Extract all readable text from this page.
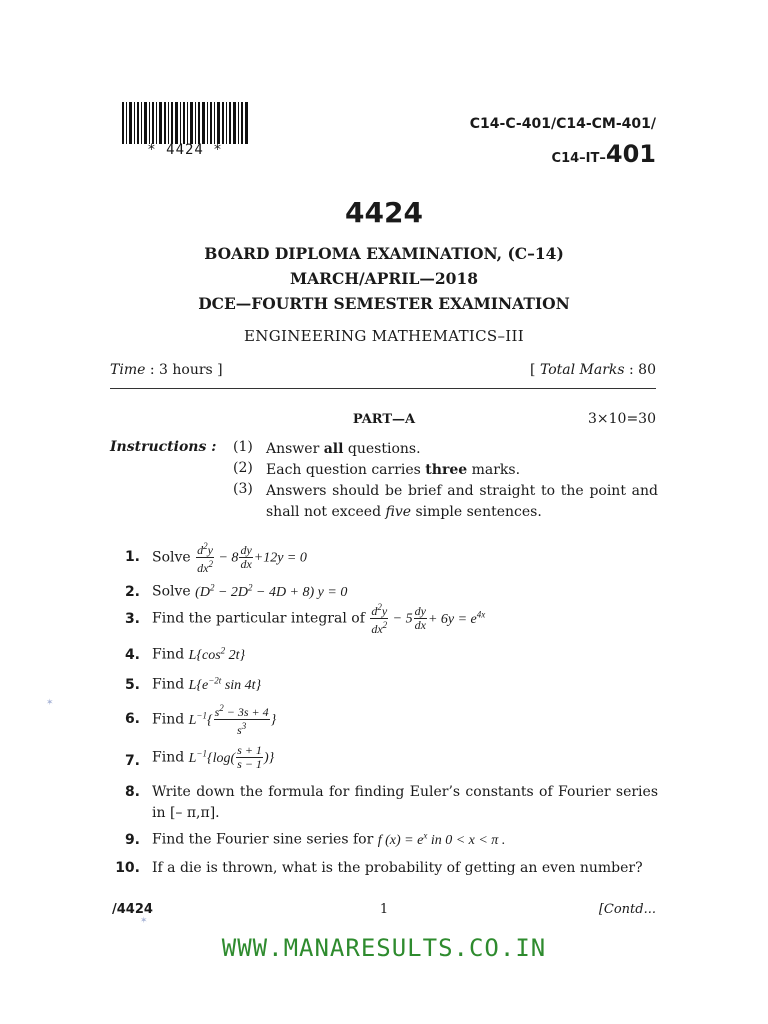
* 4424 *
C14-C-401/C14-CM-401/
C14–IT–401
4424
BOARD DIPLOMA EXAMINATION, (C–14)
MARCH/APRIL—2018
DCE—FOURTH SEMESTER EXAMINATION
ENGINEERING MATHEMATICS–III
Time : 3 hours ]	[ Total Marks : 80
PART—A	3×10=30
Instructions : (1) Answer all questions.
(2) Each question carries three marks.
(3) Answers should be brief and straight to the point and shall not exceed five simple sentences.
1. Solve $\frac{d^2y}{dx^2} - 8 \frac{dy}{dx} +12y = 0$
2. Solve $(D^2 - 2D^2 - 4D + 8) y = 0$
3. Find the particular integral of $\frac{d^2y}{dx^2} - 5 \frac{dy}{dx} + 6y = e^{4x}$
4. Find $L\{\cos^2$ 2t}
5. Find $L\{e^{-2t}$ sin 4t}
6. Find $L^{-1}\{ \frac{s^2 - 3s + 4}{s^3}$ }
7. Find $L^{-1}\{\log( \frac{s + 1}{s - 1}$ )}
8. Write down the formula for finding Euler’s constants of Fourier series in [– π,π].
9. Find the Fourier sine series for f $(x) = e^x$ in 0 < x < π .
10. If a die is thrown, what is the probability of getting an even number?
✶
✶
/4424	1	[Contd...
WWW.MANARESULTS.CO.IN
